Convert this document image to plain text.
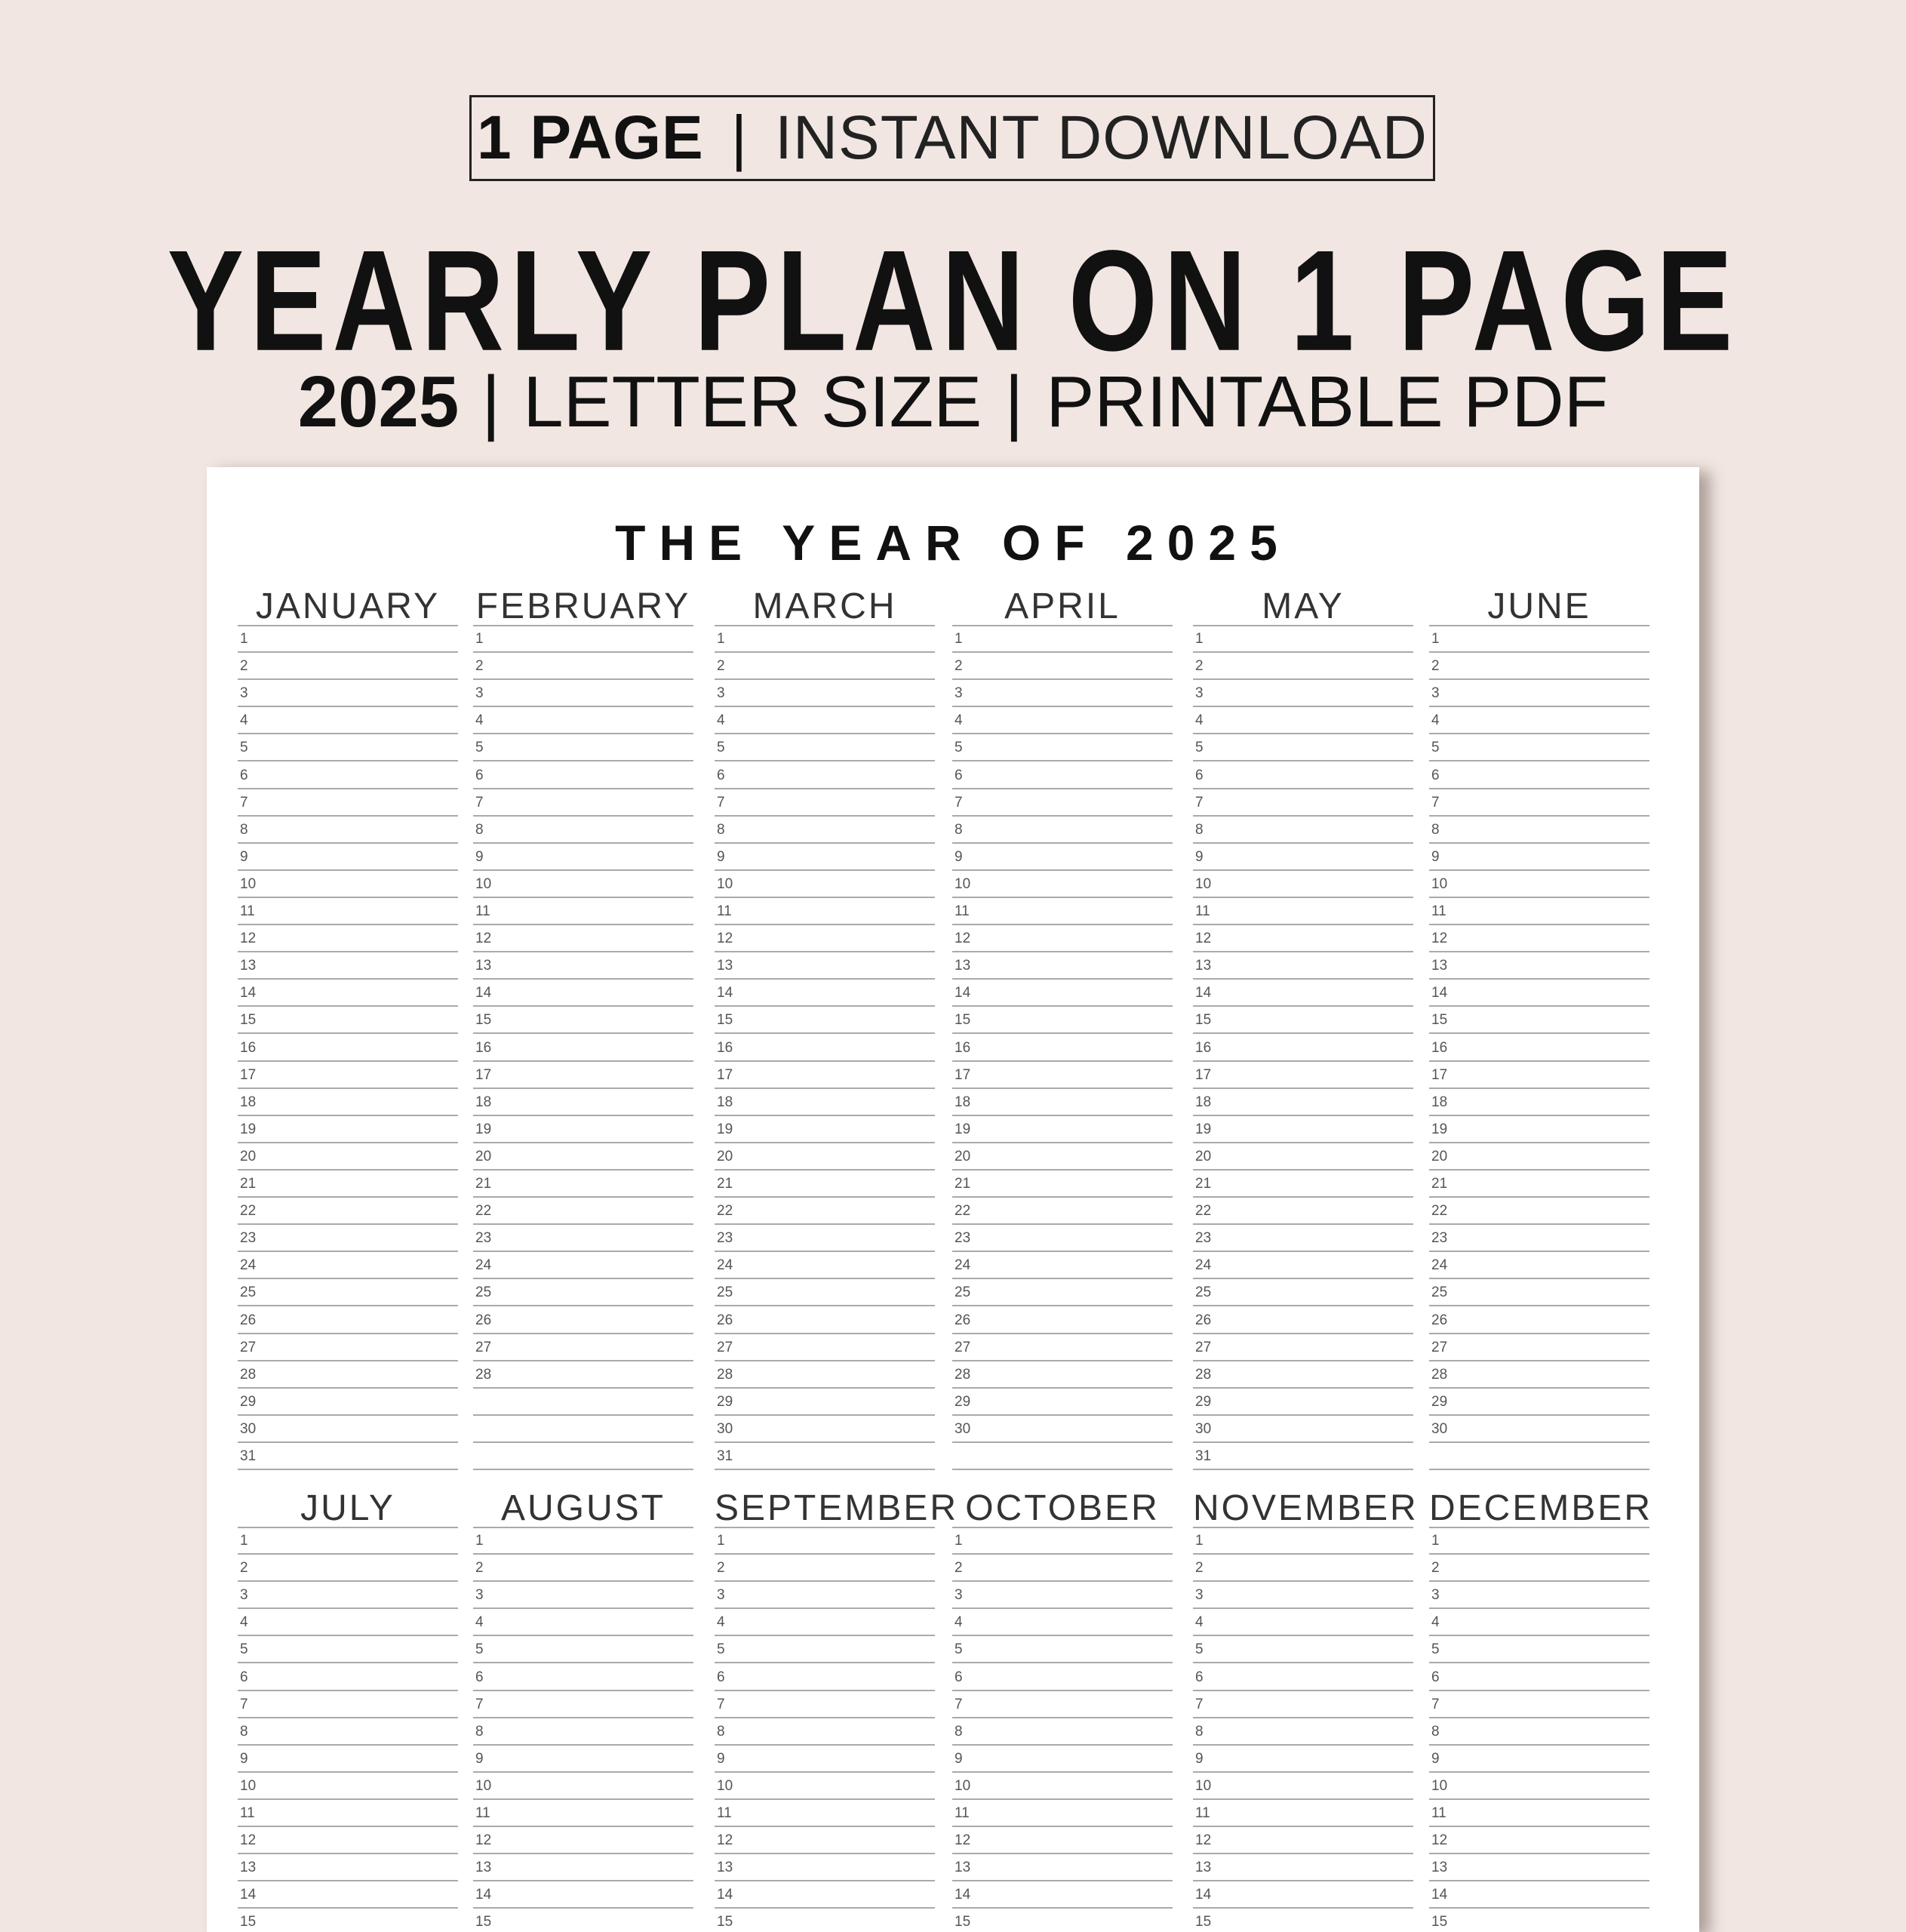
1 PAGE | INSTANT DOWNLOAD
YEARLY PLAN ON 1 PAGE
2025 | LETTER SIZE | PRINTABLE PDF
THE YEAR OF 2025
JANUARY
1
2
3
4
5
6
7
8
9
10
11
12
13
14
15
16
17
18
19
20
21
22
23
24
25
26
27
28
29
30
31
FEBRUARY
1
2
3
4
5
6
7
8
9
10
11
12
13
14
15
16
17
18
19
20
21
22
23
24
25
26
27
28
MARCH
1
2
3
4
5
6
7
8
9
10
11
12
13
14
15
16
17
18
19
20
21
22
23
24
25
26
27
28
29
30
31
APRIL
1
2
3
4
5
6
7
8
9
10
11
12
13
14
15
16
17
18
19
20
21
22
23
24
25
26
27
28
29
30
MAY
1
2
3
4
5
6
7
8
9
10
11
12
13
14
15
16
17
18
19
20
21
22
23
24
25
26
27
28
29
30
31
JUNE
1
2
3
4
5
6
7
8
9
10
11
12
13
14
15
16
17
18
19
20
21
22
23
24
25
26
27
28
29
30
JULY
1
2
3
4
5
6
7
8
9
10
11
12
13
14
15
AUGUST
1
2
3
4
5
6
7
8
9
10
11
12
13
14
15
SEPTEMBER
1
2
3
4
5
6
7
8
9
10
11
12
13
14
15
OCTOBER
1
2
3
4
5
6
7
8
9
10
11
12
13
14
15
NOVEMBER
1
2
3
4
5
6
7
8
9
10
11
12
13
14
15
DECEMBER
1
2
3
4
5
6
7
8
9
10
11
12
13
14
15
